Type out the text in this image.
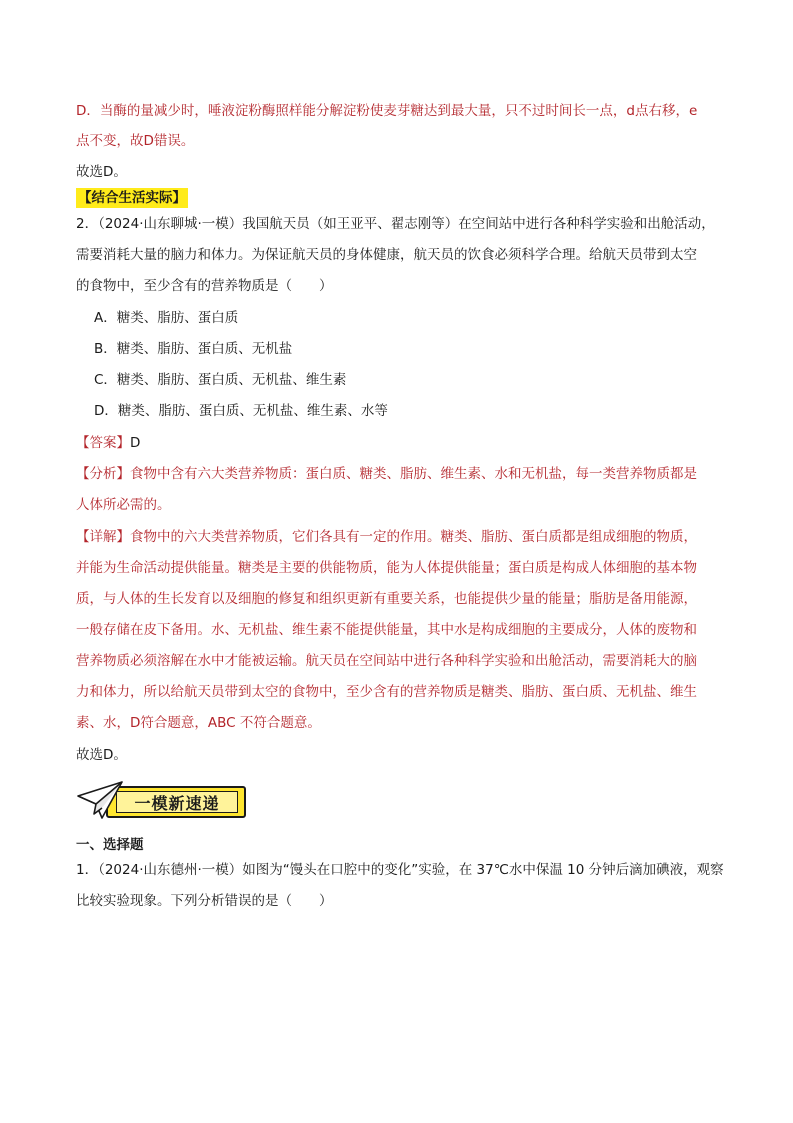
D．当酶的量减少时，唾液淀粉酶照样能分解淀粉使麦芽糖达到最大量，只不过时间长一点，d点右移，e
点不变，故D错误。
故选D。
【结合生活实际】
2．（2024·山东聊城·一模）我国航天员（如王亚平、翟志刚等）在空间站中进行各种科学实验和出舱活动，
需要消耗大量的脑力和体力。为保证航天员的身体健康，航天员的饮食必须科学合理。给航天员带到太空
的食物中，至少含有的营养物质是（　　）
A．糖类、脂肪、蛋白质
B．糖类、脂肪、蛋白质、无机盐
C．糖类、脂肪、蛋白质、无机盐、维生素
D．糖类、脂肪、蛋白质、无机盐、维生素、水等
【答案】D
【分析】食物中含有六大类营养物质：蛋白质、糖类、脂肪、维生素、水和无机盐，每一类营养物质都是
人体所必需的。
【详解】食物中的六大类营养物质，它们各具有一定的作用。糖类、脂肪、蛋白质都是组成细胞的物质，
并能为生命活动提供能量。糖类是主要的供能物质，能为人体提供能量；蛋白质是构成人体细胞的基本物
质，与人体的生长发育以及细胞的修复和组织更新有重要关系，也能提供少量的能量；脂肪是备用能源，
一般存储在皮下备用。水、无机盐、维生素不能提供能量，其中水是构成细胞的主要成分，人体的废物和
营养物质必须溶解在水中才能被运输。航天员在空间站中进行各种科学实验和出舱活动，需要消耗大的脑
力和体力，所以给航天员带到太空的食物中，至少含有的营养物质是糖类、脂肪、蛋白质、无机盐、维生
素、水，D符合题意，ABC 不符合题意。
故选D。
一模新速递
一、选择题
1．（2024·山东德州·一模）如图为“馒头在口腔中的变化”实验，在 37℃水中保温 10 分钟后滴加碘液，观察
比较实验现象。下列分析错误的是（　　）
